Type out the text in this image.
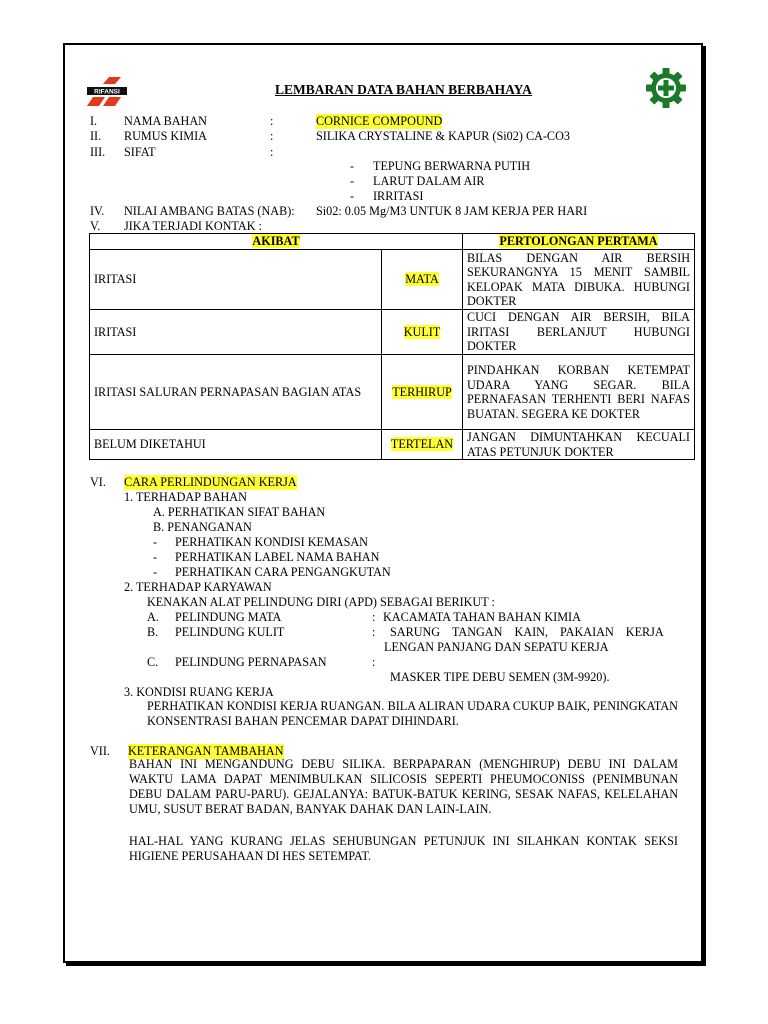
RIFANSI	LEMBARAN DATA BAHAN BERBAHAYA
I. NAMA BAHAN	:	CORNICE COMPOUND
II. RUMUS KIMIA	:	SILIKA CRYSTALINE & KAPUR (Si02) CA-CO3
III. SIFAT	:
- TEPUNG BERWARNA PUTIH
- LARUT DALAM AIR
- IRRITASI
IV. NILAI AMBANG BATAS (NAB): Si02: 0.05 Mg/M3 UNTUK 8 JAM KERJA PER HARI
V. JIKA TERJADI KONTAK :
AKIBAT		PERTOLONGAN PERTAMA
IRITASI	MATA	BILAS DENGAN AIR BERSIH SEKURANGNYA 15 MENIT SAMBIL KELOPAK MATA DIBUKA. HUBUNGI DOKTER
IRITASI	KULIT	CUCI DENGAN AIR BERSIH, BILA IRITASI BERLANJUT HUBUNGI DOKTER
IRITASI SALURAN PERNAPASAN BAGIAN ATAS	TERHIRUP	PINDAHKAN KORBAN KETEMPAT UDARA YANG SEGAR. BILA PERNAFASAN TERHENTI BERI NAFAS BUATAN. SEGERA KE DOKTER
BELUM DIKETAHUI	TERTELAN	JANGAN DIMUNTAHKAN KECUALI ATAS PETUNJUK DOKTER
VI. CARA PERLINDUNGAN KERJA
1. TERHADAP BAHAN
A. PERHATIKAN SIFAT BAHAN
B. PENANGANAN
- PERHATIKAN KONDISI KEMASAN
- PERHATIKAN LABEL NAMA BAHAN
- PERHATIKAN CARA PENGANGKUTAN
2. TERHADAP KARYAWAN
KENAKAN ALAT PELINDUNG DIRI (APD) SEBAGAI BERIKUT :
A. PELINDUNG MATA	: KACAMATA TAHAN BAHAN KIMIA
B. PELINDUNG KULIT	: SARUNG TANGAN KAIN, PAKAIAN KERJA
LENGAN PANJANG DAN SEPATU KERJA
C. PELINDUNG PERNAPASAN	:
MASKER TIPE DEBU SEMEN (3M-9920).
3. KONDISI RUANG KERJA
PERHATIKAN KONDISI KERJA RUANGAN. BILA ALIRAN UDARA CUKUP BAIK, PENINGKATAN KONSENTRASI BAHAN PENCEMAR DAPAT DIHINDARI.
VII. KETERANGAN TAMBAHAN
BAHAN INI MENGANDUNG DEBU SILIKA. BERPAPARAN (MENGHIRUP) DEBU INI DALAM WAKTU LAMA DAPAT MENIMBULKAN SILICOSIS SEPERTI PHEUMOCONISS (PENIMBUNAN DEBU DALAM PARU-PARU). GEJALANYA: BATUK-BATUK KERING, SESAK NAFAS, KELELAHAN UMU, SUSUT BERAT BADAN, BANYAK DAHAK DAN LAIN-LAIN.
HAL-HAL YANG KURANG JELAS SEHUBUNGAN PETUNJUK INI SILAHKAN KONTAK SEKSI HIGIENE PERUSAHAAN DI HES SETEMPAT.
